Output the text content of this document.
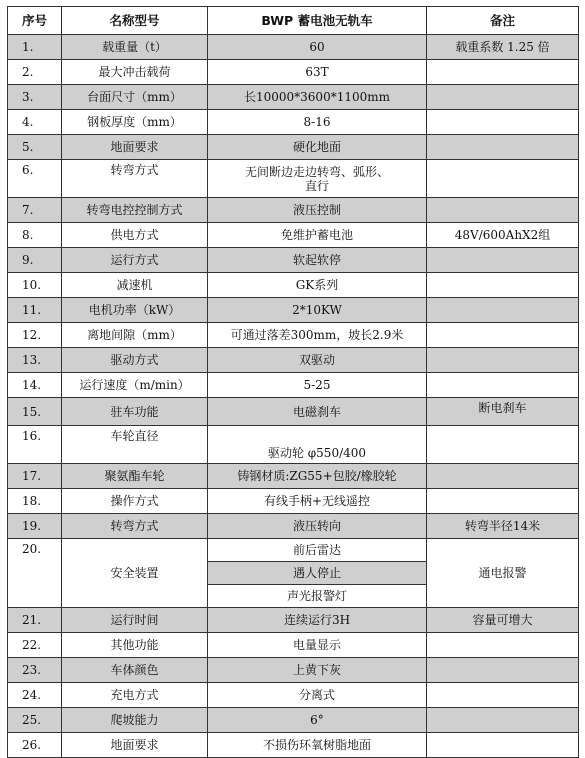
序号	名称型号	BWP 蓄电池无轨车	备注
1.	载重量（t）	60	载重系数 1.25 倍
2.	最大冲击载荷	63T	
3.	台面尺寸（mm）	长10000*3600*1100mm	
4.	钢板厚度（mm）	8-16	
5.	地面要求	硬化地面	
6.	转弯方式	无间断边走边转弯、弧形、直行	
7.	转弯电控控制方式	液压控制	
8.	供电方式	免维护蓄电池	48V/600AhX2组
9.	运行方式	软起软停	
10.	减速机	GK系列	
11.	电机功率（kW）	2*10KW	
12.	离地间隙（mm）	可通过落差300mm，坡长2.9米	
13.	驱动方式	双驱动	
14.	运行速度（m/min）	5-25	
15.	驻车功能	电磁刹车	断电刹车
16.	车轮直径	驱动轮 φ550/400	
17.	聚氨酯车轮	铸钢材质:ZG55+包胶/橡胶轮	
18.	操作方式	有线手柄+无线遥控	
19.	转弯方式	液压转向	转弯半径14米
20.	安全装置	前后雷达	通电报警
		遇人停止	
		声光报警灯	
21.	运行时间	连续运行3H	容量可增大
22.	其他功能	电量显示	
23.	车体颜色	上黄下灰	
24.	充电方式	分离式	
25.	爬坡能力	6°	
26.	地面要求	不损伤环氧树脂地面	
